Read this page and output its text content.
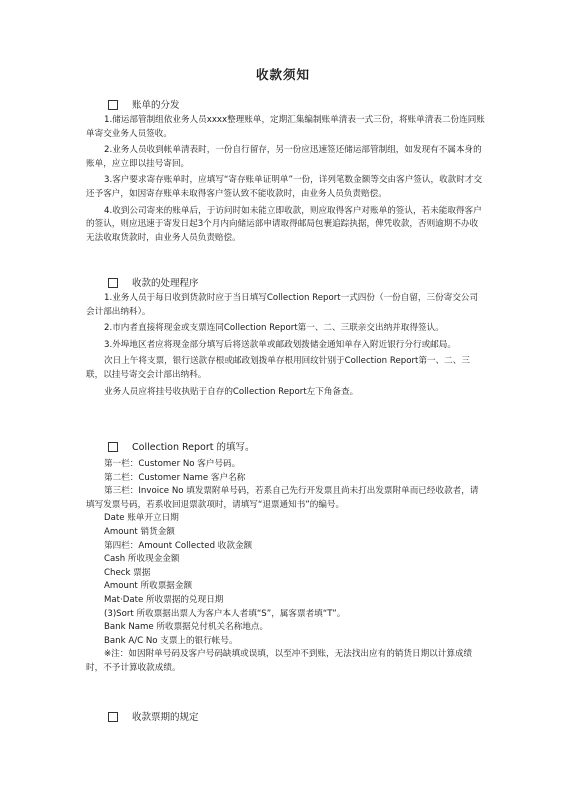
收款须知
账单的分发

1.储运部管制组依业务人员xxxx整理账单，定期汇集编制账单清表一式三份，将账单清表二份连同账单寄交业务人员签收。

2.业务人员收到帐单清表时，一份自行留存，另一份应迅速签还储运部管制组，如发现有不属本身的账单，应立即以挂号寄回。

3.客户要求寄存账单时，应填写“寄存账单证明单”一份，详列笔数金额等交由客户签认，收款时才交还予客户，如因寄存账单未取得客户签认致不能收款时，由业务人员负责赔偿。

4.收到公司寄来的账单后，于访问时如未能立即收款，则应取得客户对账单的签认，若未能取得客户的签认，则应迅速于寄发日起3个月内向储运部申请取得邮局包裹追踪执据，俾凭收款，否则逾期不办收无法收取货款时，由业务人员负责赔偿。

收款的处理程序

1.业务人员于每日收到货款时应于当日填写Collection Report一式四份（一份自留，三份寄交公司会计部出纳科）。

2.市内者直接将现金或支票连同Collection Report第一、二、三联亲交出纳并取得签认。

3.外埠地区者应将现金部分填写后将送款单或邮政划拨储金通知单存入附近银行分行或邮局。

次日上午将支票，银行送款存根或邮政划拨单存根用回纹针别于Collection Report第一、二、三联，以挂号寄交会计部出纳科。

业务人员应将挂号收执贴于自存的Collection Report左下角备查。

Collection Report 的填写。

第一栏：Customer No 客户号码。

第二栏：Customer Name 客户名称

第三栏：Invoice No 填发票附单号码，若系自己先行开发票且尚未打出发票附单而已经收款者，请填写发票号码，若系收回退票款项时，请填写“退票通知书”的编号。

Date 账单开立日期

Amount 销货金额

第四栏：Amount Collected 收款金额

Cash 所收现金金额

Check 票据

Amount 所收票据金额

Mat·Date 所收票据的兑现日期

(3)Sort 所收票据出票人为客户本人者填“S”，属客票者填“T”。

Bank Name 所收票据兑付机关名称地点。

Bank A/C No 支票上的银行帐号。

※注：如因附单号码及客户号码缺填或误填，以至冲不到账，无法找出应有的销货日期以计算成绩时，不予计算收款成绩。

收款票期的规定
